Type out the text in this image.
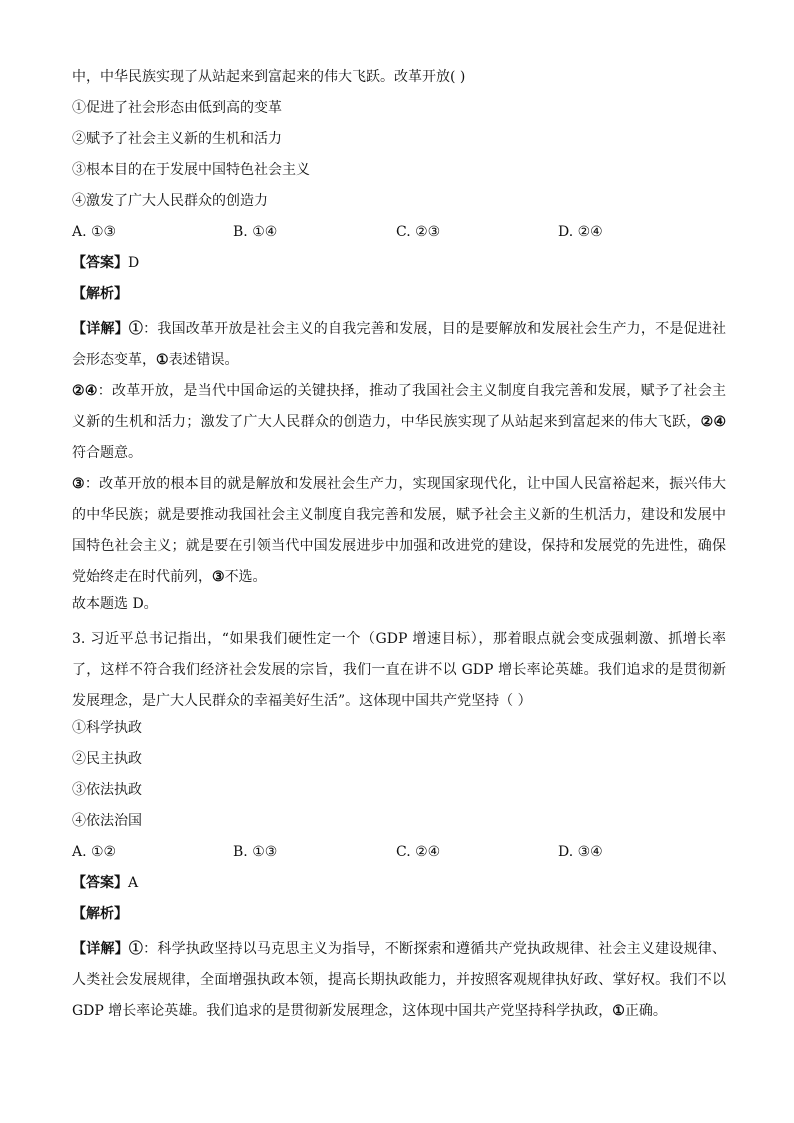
中，中华民族实现了从站起来到富起来的伟大飞跃。改革开放( )
①促进了社会形态由低到高的变革
②赋予了社会主义新的生机和活力
③根本目的在于发展中国特色社会主义
④激发了广大人民群众的创造力
A. ①③	B. ①④	C. ②③	D. ②④
【答案】D
【解析】
【详解】①：我国改革开放是社会主义的自我完善和发展，目的是要解放和发展社会生产力，不是促进社会形态变革，①表述错误。
②④：改革开放，是当代中国命运的关键抉择，推动了我国社会主义制度自我完善和发展，赋予了社会主义新的生机和活力；激发了广大人民群众的创造力，中华民族实现了从站起来到富起来的伟大飞跃，②④符合题意。
③：改革开放的根本目的就是解放和发展社会生产力，实现国家现代化，让中国人民富裕起来，振兴伟大的中华民族；就是要推动我国社会主义制度自我完善和发展，赋予社会主义新的生机活力，建设和发展中国特色社会主义；就是要在引领当代中国发展进步中加强和改进党的建设，保持和发展党的先进性，确保党始终走在时代前列，③不选。
故本题选 D。
3. 习近平总书记指出，“如果我们硬性定一个（GDP 增速目标），那着眼点就会变成强刺激、抓增长率了，这样不符合我们经济社会发展的宗旨，我们一直在讲不以 GDP 增长率论英雄。我们追求的是贯彻新发展理念，是广大人民群众的幸福美好生活”。这体现中国共产党坚持（ ）
①科学执政
②民主执政
③依法执政
④依法治国
A. ①②	B. ①③	C. ②④	D. ③④
【答案】A
【解析】
【详解】①：科学执政坚持以马克思主义为指导，不断探索和遵循共产党执政规律、社会主义建设规律、人类社会发展规律，全面增强执政本领，提高长期执政能力，并按照客观规律执好政、掌好权。我们不以 GDP 增长率论英雄。我们追求的是贯彻新发展理念，这体现中国共产党坚持科学执政，①正确。
